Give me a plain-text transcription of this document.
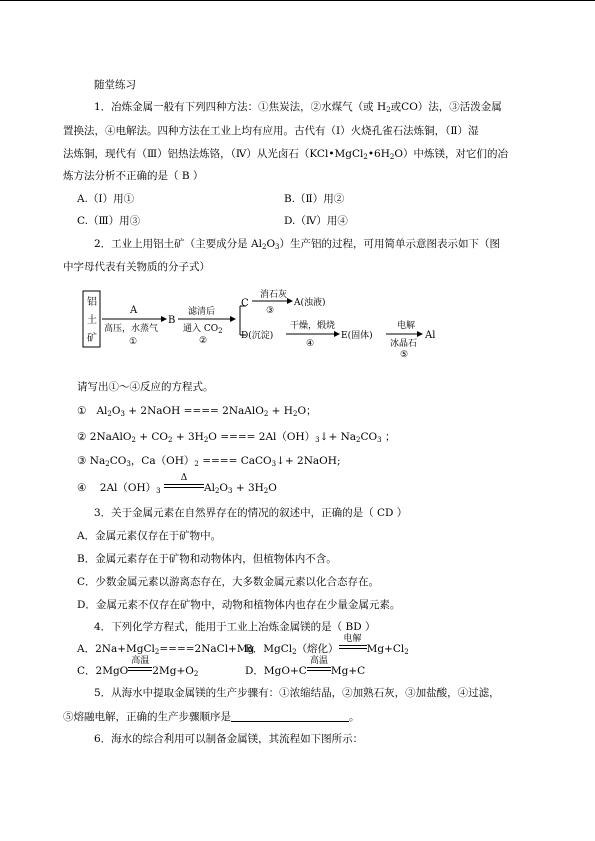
随堂练习
1．冶炼金属一般有下列四种方法：①焦炭法，②水煤气（或 $H_2$或CO）法，③活泼金属
置换法，④电解法。四种方法在工业上均有应用。古代有（Ⅰ）火烧孔雀石法炼铜，（Ⅱ）湿
法炼铜，现代有（Ⅲ）铝热法炼铬，（Ⅳ）从光卤石$(KCl•MgCl_2•6H_2O)$中炼镁，对它们的冶
炼方法分析不正确的是（ B ）
A.（Ⅰ）用①	B.（Ⅱ）用②
C.（Ⅲ）用③	D.（Ⅳ）用④
2．工业上用铝土矿（主要成分是 $Al_2O_3$）生产铝的过程，可用简单示意图表示如下（图
中字母代表有关物质的分子式）
铝
土
矿
A
高压，水蒸气
①
B
滤清后
通入 $CO_2$
②
C
D(沉淀)
消石灰
③
A(浊液)
干燥，煅烧
④
E(固体)
电解
冰晶石
⑤
Al
请写出①～④反应的方程式。
① $Al_2O_3$ + 2NaOH ==== 2NaAlO$_2$ + $H_2O$；
② 2NaAlO$_2$ + $CO_2 + 3H_2O$ ==== $2Al(OH)_3↓+ Na_2CO_3$ ；
③ $Na_2CO_3$，$Ca(OH)_2$ ==== CaCO$_3$↓+ 2NaOH;
④ $2Al(OH)_3$
Δ
$Al_2O_3 + 3H_2O$
3．关于金属元素在自然界存在的情况的叙述中，正确的是（ CD ）
A．金属元素仅存在于矿物中。
B．金属元素存在于矿物和动物体内，但植物体内不含。
C．少数金属元素以游离态存在，大多数金属元素以化合态存在。
D．金属元素不仅存在矿物中，动物和植物体内也存在少量金属元素。
4．下列化学方程式，能用于工业上冶炼金属镁的是（ BD ）
A．2Na+MgCl$_2$====2NaCl+Mg
B．MgCl$_2$（熔化）
电解
$Mg+Cl_2$
C．2MgO
高温
$2Mg+O_2$	D．MgO+C
高温
Mg+C
5．从海水中提取金属镁的生产步骤有：①浓缩结晶，②加熟石灰，③加盐酸，④过滤，
⑤熔融电解，正确的生产步骤顺序是	。
6．海水的综合利用可以制备金属镁，其流程如下图所示：
